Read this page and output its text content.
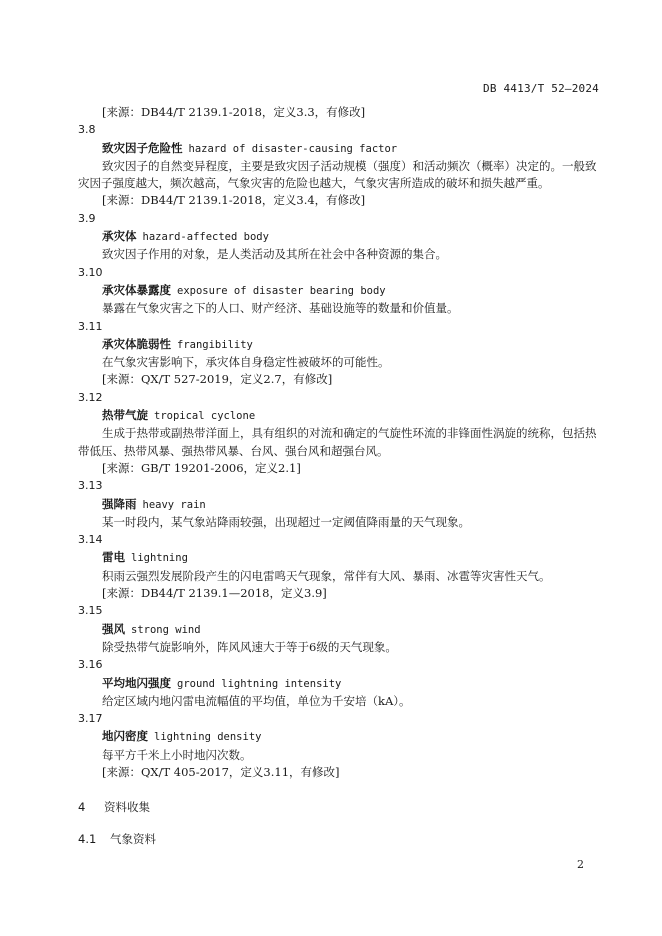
DB 4413/T 52—2024
[来源：DB44/T 2139.1-2018，定义3.3，有修改]
3.8
致灾因子危险性 hazard of disaster-causing factor
致灾因子的自然变异程度，主要是致灾因子活动规模（强度）和活动频次（概率）决定的。一般致
灾因子强度越大，频次越高，气象灾害的危险也越大，气象灾害所造成的破坏和损失越严重。
[来源：DB44/T 2139.1-2018，定义3.4，有修改]
3.9
承灾体 hazard-affected body
致灾因子作用的对象，是人类活动及其所在社会中各种资源的集合。
3.10
承灾体暴露度 exposure of disaster bearing body
暴露在气象灾害之下的人口、财产经济、基础设施等的数量和价值量。
3.11
承灾体脆弱性 frangibility
在气象灾害影响下，承灾体自身稳定性被破坏的可能性。
[来源：QX/T 527-2019，定义2.7，有修改]
3.12
热带气旋 tropical cyclone
生成于热带或副热带洋面上，具有组织的对流和确定的气旋性环流的非锋面性涡旋的统称，包括热
带低压、热带风暴、强热带风暴、台风、强台风和超强台风。
[来源：GB/T 19201-2006，定义2.1]
3.13
强降雨 heavy rain
某一时段内，某气象站降雨较强，出现超过一定阈值降雨量的天气现象。
3.14
雷电 lightning
积雨云强烈发展阶段产生的闪电雷鸣天气现象，常伴有大风、暴雨、冰雹等灾害性天气。
[来源：DB44/T 2139.1—2018，定义3.9]
3.15
强风 strong wind
除受热带气旋影响外，阵风风速大于等于6级的天气现象。
3.16
平均地闪强度 ground lightning intensity
给定区域内地闪雷电流幅值的平均值，单位为千安培（kA）。
3.17
地闪密度 lightning density
每平方千米上小时地闪次数。
[来源：QX/T 405-2017，定义3.11，有修改]
4 资料收集
4.1 气象资料
2
